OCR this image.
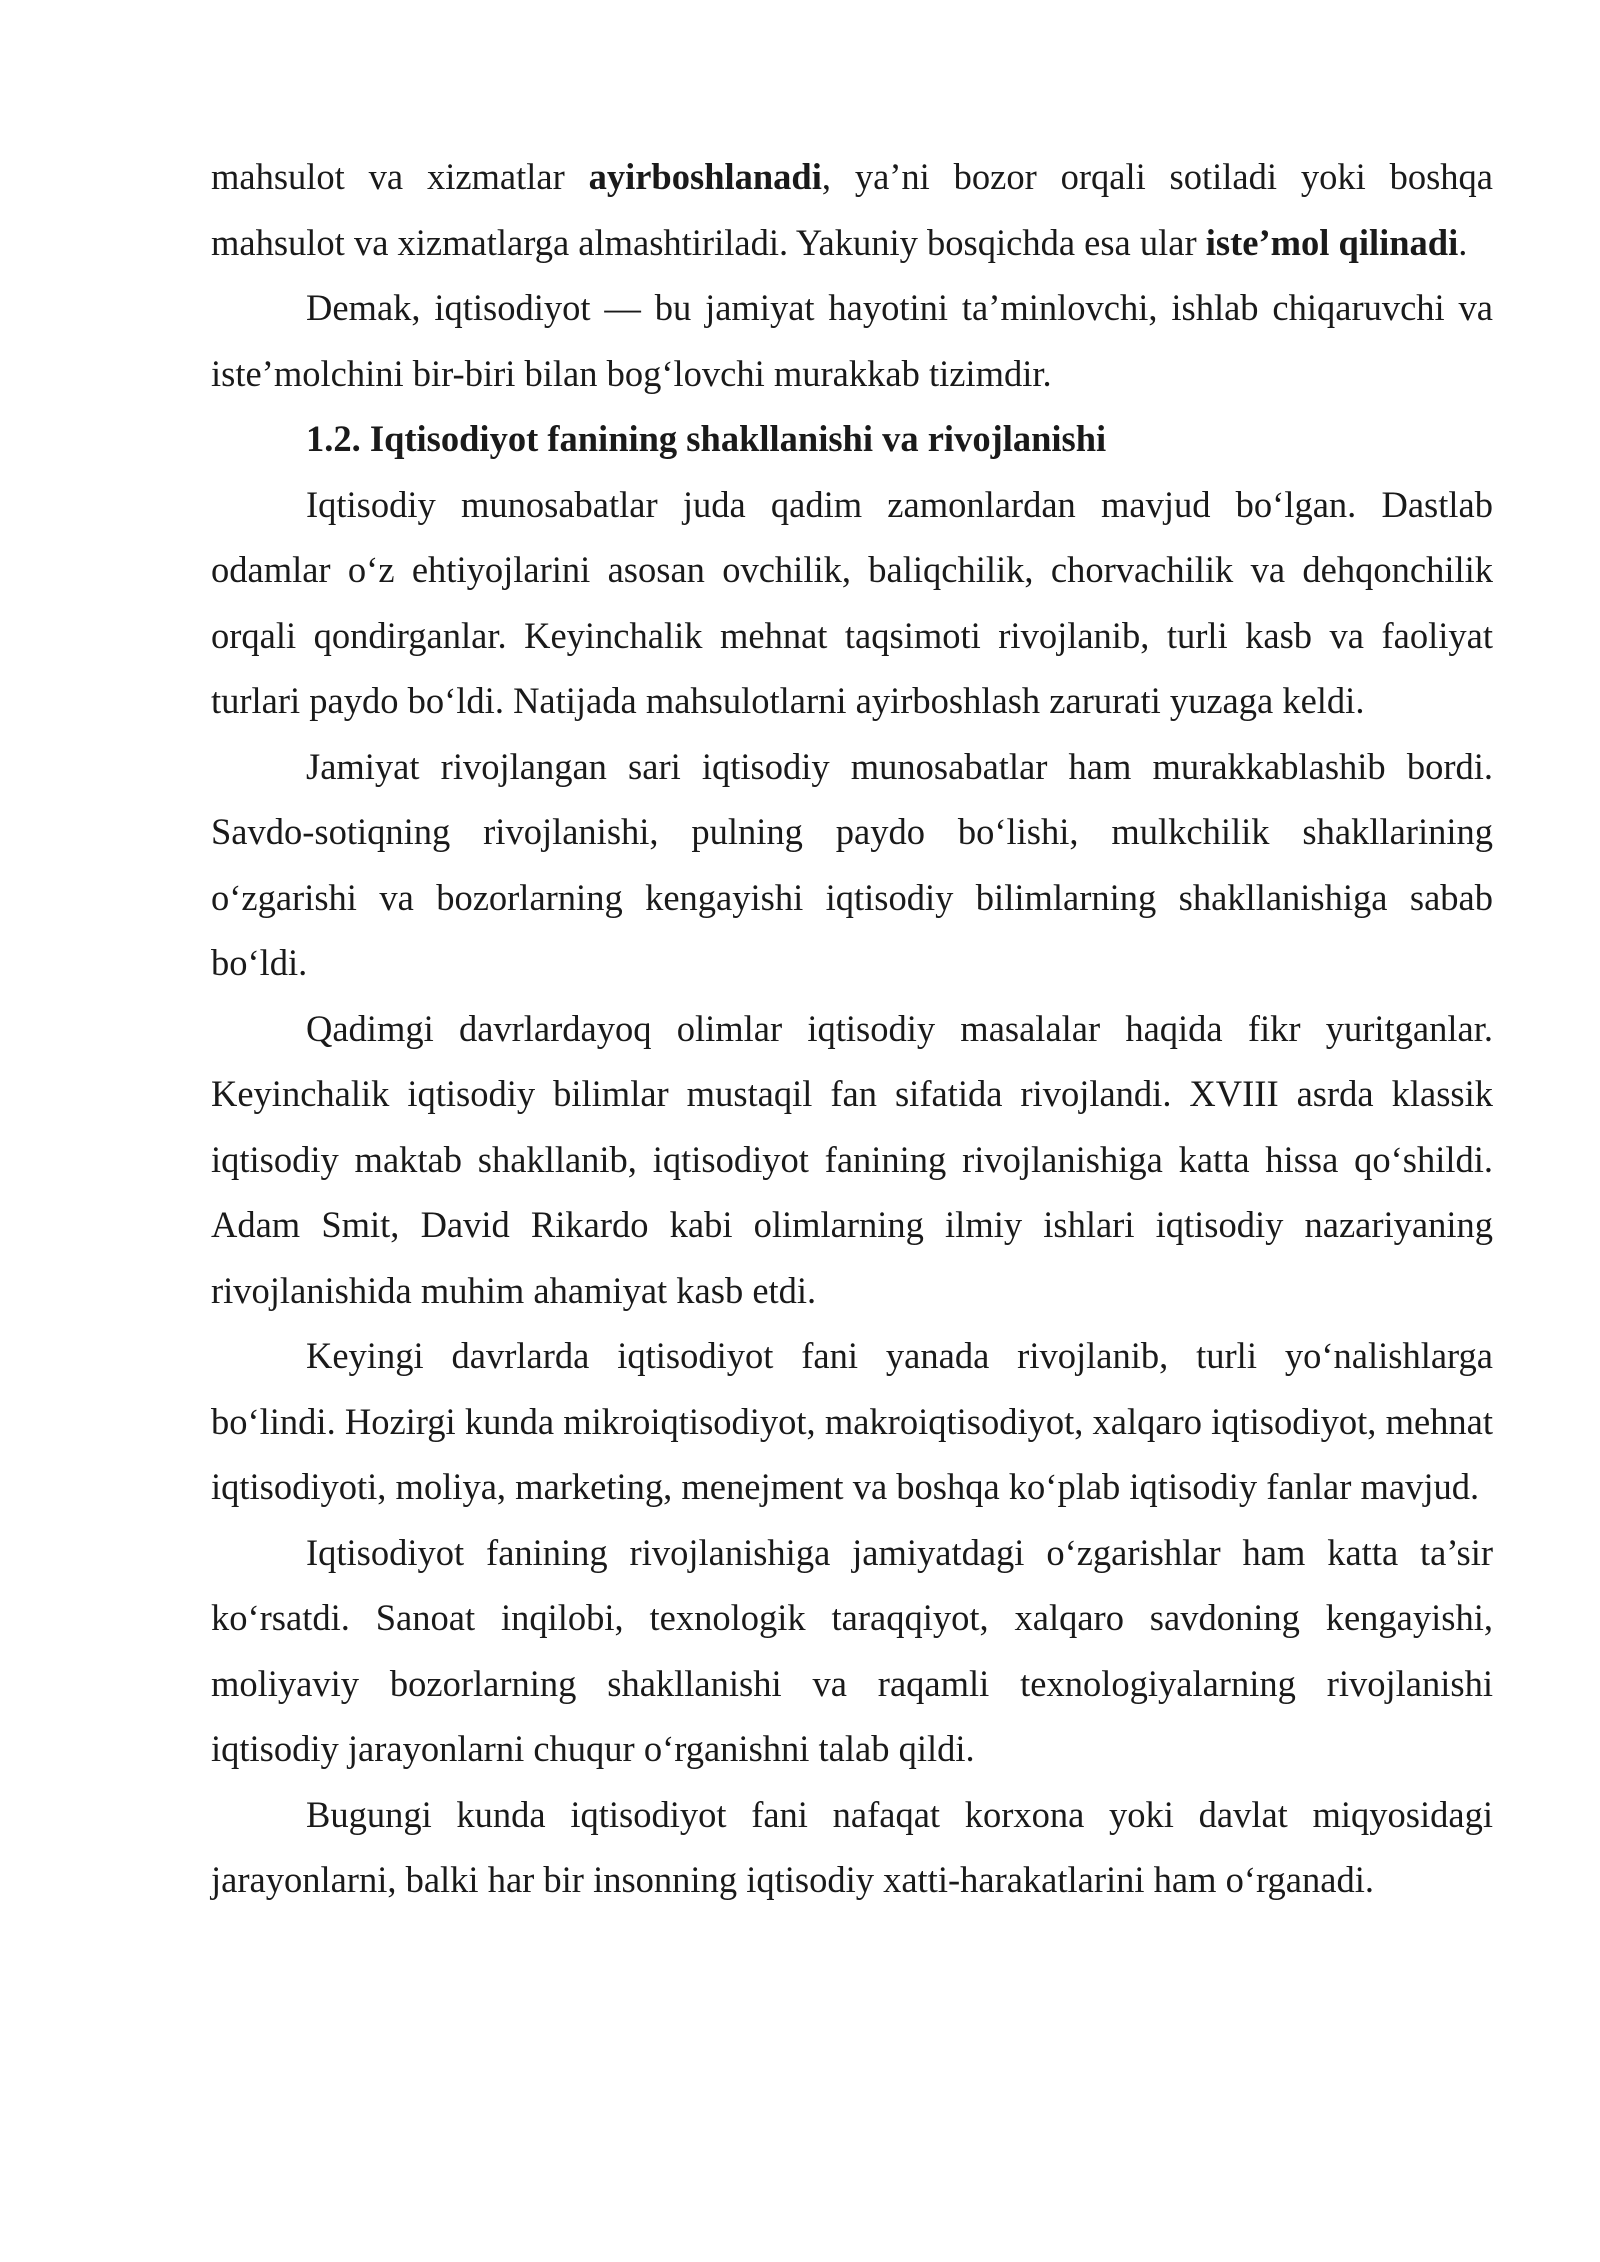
mahsulot va xizmatlar ayirboshlanadi, ya’ni bozor orqali sotiladi yoki boshqa mahsulot va xizmatlarga almashtiriladi. Yakuniy bosqichda esa ular iste’mol qilinadi.

Demak, iqtisodiyot — bu jamiyat hayotini ta’minlovchi, ishlab chiqaruvchi va iste’molchini bir-biri bilan bog‘lovchi murakkab tizimdir.

1.2. Iqtisodiyot fanining shakllanishi va rivojlanishi

Iqtisodiy munosabatlar juda qadim zamonlardan mavjud bo‘lgan. Dastlab odamlar o‘z ehtiyojlarini asosan ovchilik, baliqchilik, chorvachilik va dehqonchilik orqali qondirganlar. Keyinchalik mehnat taqsimoti rivojlanib, turli kasb va faoliyat turlari paydo bo‘ldi. Natijada mahsulotlarni ayirboshlash zarurati yuzaga keldi.

Jamiyat rivojlangan sari iqtisodiy munosabatlar ham murakkablashib bordi. Savdo-sotiqning rivojlanishi, pulning paydo bo‘lishi, mulkchilik shakllarining o‘zgarishi va bozorlarning kengayishi iqtisodiy bilimlarning shakllanishiga sabab bo‘ldi.

Qadimgi davrlardayoq olimlar iqtisodiy masalalar haqida fikr yuritganlar. Keyinchalik iqtisodiy bilimlar mustaqil fan sifatida rivojlandi. XVIII asrda klassik iqtisodiy maktab shakllanib, iqtisodiyot fanining rivojlanishiga katta hissa qo‘shildi. Adam Smit, David Rikardo kabi olimlarning ilmiy ishlari iqtisodiy nazariyaning rivojlanishida muhim ahamiyat kasb etdi.

Keyingi davrlarda iqtisodiyot fani yanada rivojlanib, turli yo‘nalishlarga bo‘lindi. Hozirgi kunda mikroiqtisodiyot, makroiqtisodiyot, xalqaro iqtisodiyot, mehnat iqtisodiyoti, moliya, marketing, menejment va boshqa ko‘plab iqtisodiy fanlar mavjud.

Iqtisodiyot fanining rivojlanishiga jamiyatdagi o‘zgarishlar ham katta ta’sir ko‘rsatdi. Sanoat inqilobi, texnologik taraqqiyot, xalqaro savdoning kengayishi, moliyaviy bozorlarning shakllanishi va raqamli texnologiyalarning rivojlanishi iqtisodiy jarayonlarni chuqur o‘rganishni talab qildi.

Bugungi kunda iqtisodiyot fani nafaqat korxona yoki davlat miqyosidagi jarayonlarni, balki har bir insonning iqtisodiy xatti-harakatlarini ham o‘rganadi.
